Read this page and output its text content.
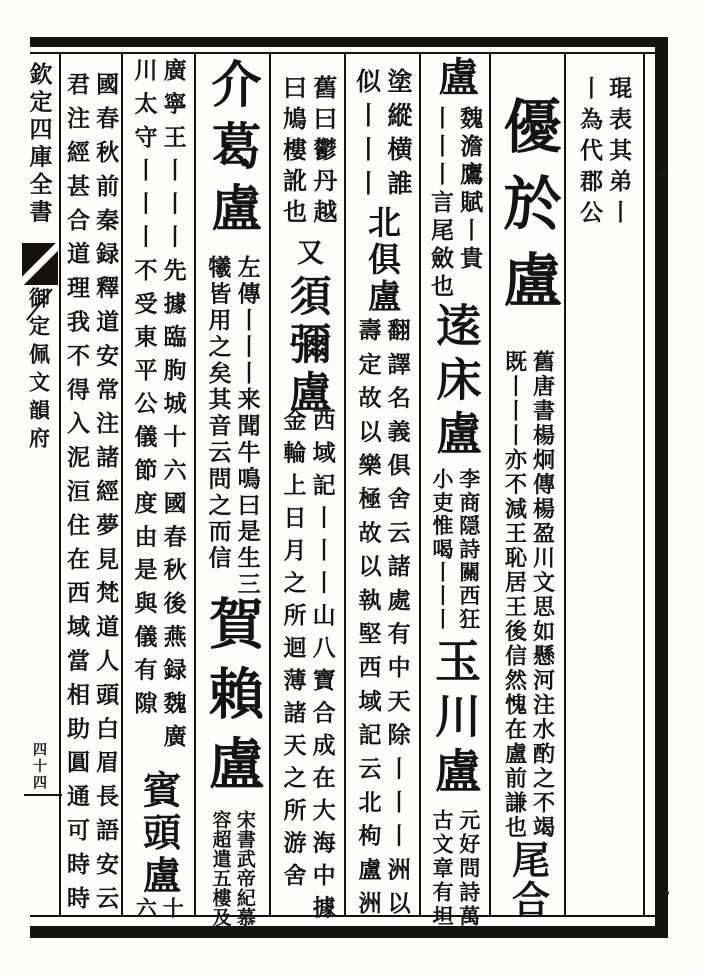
欽定四庫全書
御定佩文韻府
四十四
琨表其弟丨
丨為代郡公
優於盧
舊唐書楊炯傳楊盈川文思如懸河注水酌之不竭
既丨丨丨亦不減王恥居王後信然愧在盧前謙也
尾合
盧
魏澹鷹賦丨貴
丨丨丨言尾斂也
逺床盧
李商隠詩關西狂
小吏惟喝丨丨丨
玉川盧
元好問詩萬
古文章有坦
塗縱横誰
似丨丨丨
北俱盧
翻譯名義俱舍云諸處有中天除丨丨丨洲以
壽定故以樂極故以執堅西域記云北枸盧洲
舊曰鬱丹越
曰鳩樓訛也
又
須彌盧
西域記丨丨丨山八寶合成在大海中據
金輪上日月之所迴薄諸天之所游舍
介葛盧
左傳丨丨丨来聞牛鳴曰是生三
犧皆用之矣其音云問之而信
賀賴盧
宋書武帝紀慕
容超遣五樓及
廣寧王丨丨丨先據臨朐城十六國春秋後燕録魏廣
川太守丨丨丨不受東平公儀節度由是與儀有隙
賓頭盧
十
六
國春秋前秦録釋道安常注諸經夢見梵道人頭白眉長語安云
君注經甚合道理我不得入泥洹住在西域當相助圓通可時時
